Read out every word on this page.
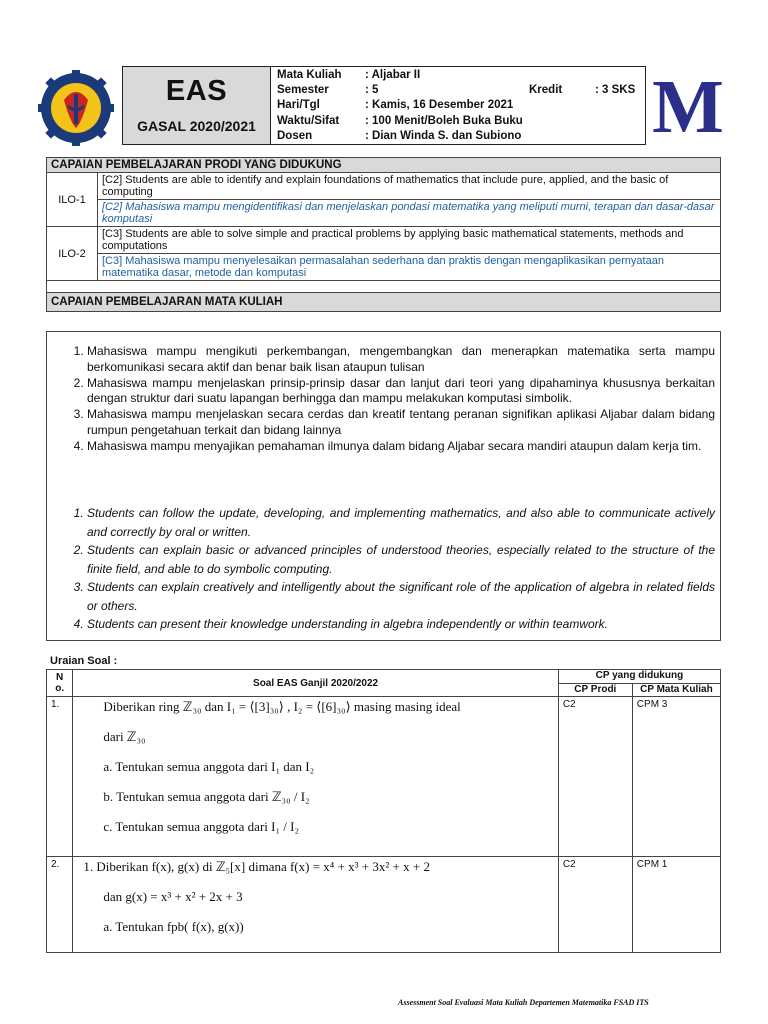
M
EAS
GASAL 2020/2021
Mata Kuliah : Aljabar II
Semester	: 5	Kredit	: 3 SKS
Hari/Tgl	: Kamis, 16 Desember 2021
Waktu/Sifat : 100 Menit/Boleh Buka Buku
Dosen	: Dian Winda S. dan Subiono
CAPAIAN PEMBELAJARAN PRODI YANG DIDUKUNG	
ILO-1	[C2] Students are able to identify and explain foundations of mathematics that include pure, applied, and the basic of computing
	[C2] Mahasiswa mampu mengidentifikasi dan menjelaskan pondasi matematika yang meliputi murni, terapan dan dasar-dasar komputasi
ILO-2	[C3] Students are able to solve simple and practical problems by applying basic mathematical statements, methods and computations
	[C3] Mahasiswa mampu menyelesaikan permasalahan sederhana dan praktis dengan mengaplikasikan pernyataan matematika dasar, metode dan komputasi

CAPAIAN PEMBELAJARAN MATA KULIAH	
1. Mahasiswa mampu mengikuti perkembangan, mengembangkan dan menerapkan matematika serta mampu berkomunikasi secara aktif dan benar baik lisan ataupun tulisan
2. Mahasiswa mampu menjelaskan prinsip-prinsip dasar dan lanjut dari teori yang dipahaminya khususnya berkaitan dengan struktur dari suatu lapangan berhingga dan mampu melakukan komputasi simbolik.
3. Mahasiswa mampu menjelaskan secara cerdas dan kreatif tentang peranan signifikan aplikasi Aljabar dalam bidang rumpun pengetahuan terkait dan bidang lainnya
4. Mahasiswa mampu menyajikan pemahaman ilmunya dalam bidang Aljabar secara mandiri ataupun dalam kerja tim.
1. Students can follow the update, developing, and implementing mathematics, and also able to communicate actively and correctly by oral or written.
2. Students can explain basic or advanced principles of understood theories, especially related to the structure of the finite field, and able to do symbolic computing.
3. Students can explain creatively and intelligently about the significant role of the application of algebra in related fields or others.
4. Students can present their knowledge understanding in algebra independently or within teamwork.
Uraian Soal :
N o.	Soal EAS Ganjil 2020/2022	CP yang didukung	
		CP Prodi	CP Mata Kuliah
1.	Diberikan ring ℤ₃₀ dan I₁ = ⟨[3]₃₀⟩ , I₂ = ⟨[6]₃₀⟩ masing masing ideal
dari ℤ₃₀
a. Tentukan semua anggota dari I₁ dan I₂
b. Tentukan semua anggota dari ℤ₃₀ / I₂
c. Tentukan semua anggota dari I₁ / I₂	C2	CPM 3
2.	1. Diberikan f(x), g(x) di ℤ₅[x] dimana f(x) = x⁴ + x³ + 3x² + x + 2
dan g(x) = x³ + x² + 2x + 3
a. Tentukan fpb( f(x), g(x))	C2	CPM 1
Assessment Soal Evaluasi Mata Kuliah Departemen Matematika FSAD ITS
